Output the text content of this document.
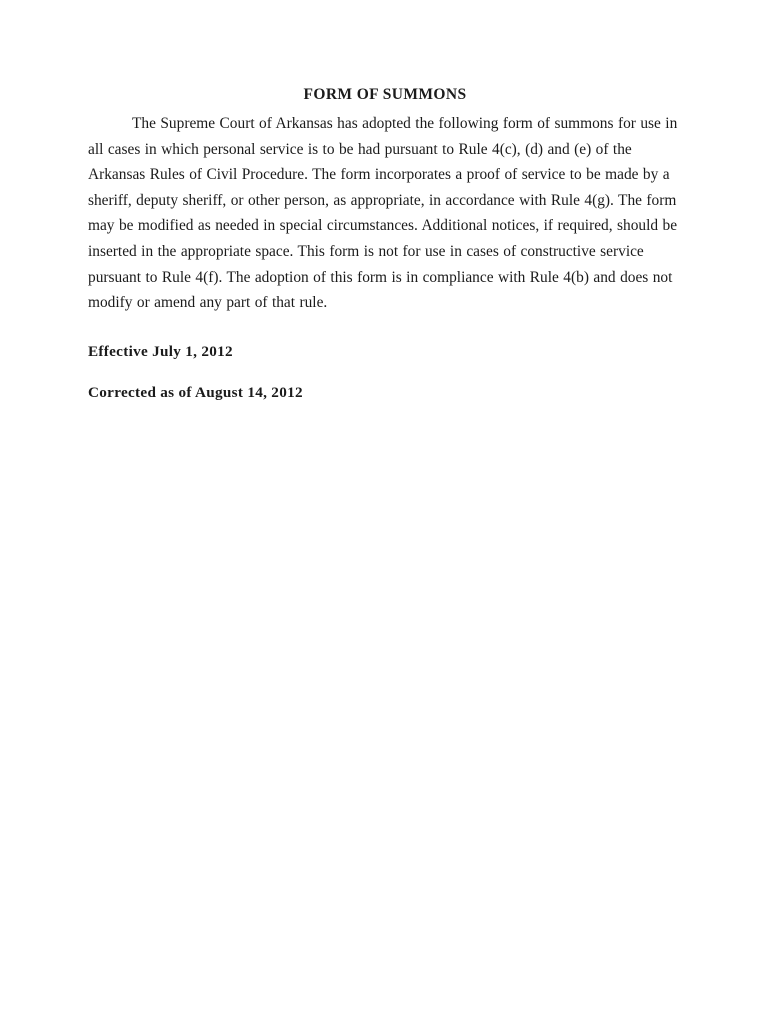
FORM OF SUMMONS

The Supreme Court of Arkansas has adopted the following form of summons for use in all cases in which personal service is to be had pursuant to Rule 4(c), (d) and (e) of the Arkansas Rules of Civil Procedure. The form incorporates a proof of service to be made by a sheriff, deputy sheriff, or other person, as appropriate, in accordance with Rule 4(g). The form may be modified as needed in special circumstances. Additional notices, if required, should be inserted in the appropriate space. This form is not for use in cases of constructive service pursuant to Rule 4(f). The adoption of this form is in compliance with Rule 4(b) and does not modify or amend any part of that rule.

Effective July 1, 2012

Corrected as of August 14, 2012
